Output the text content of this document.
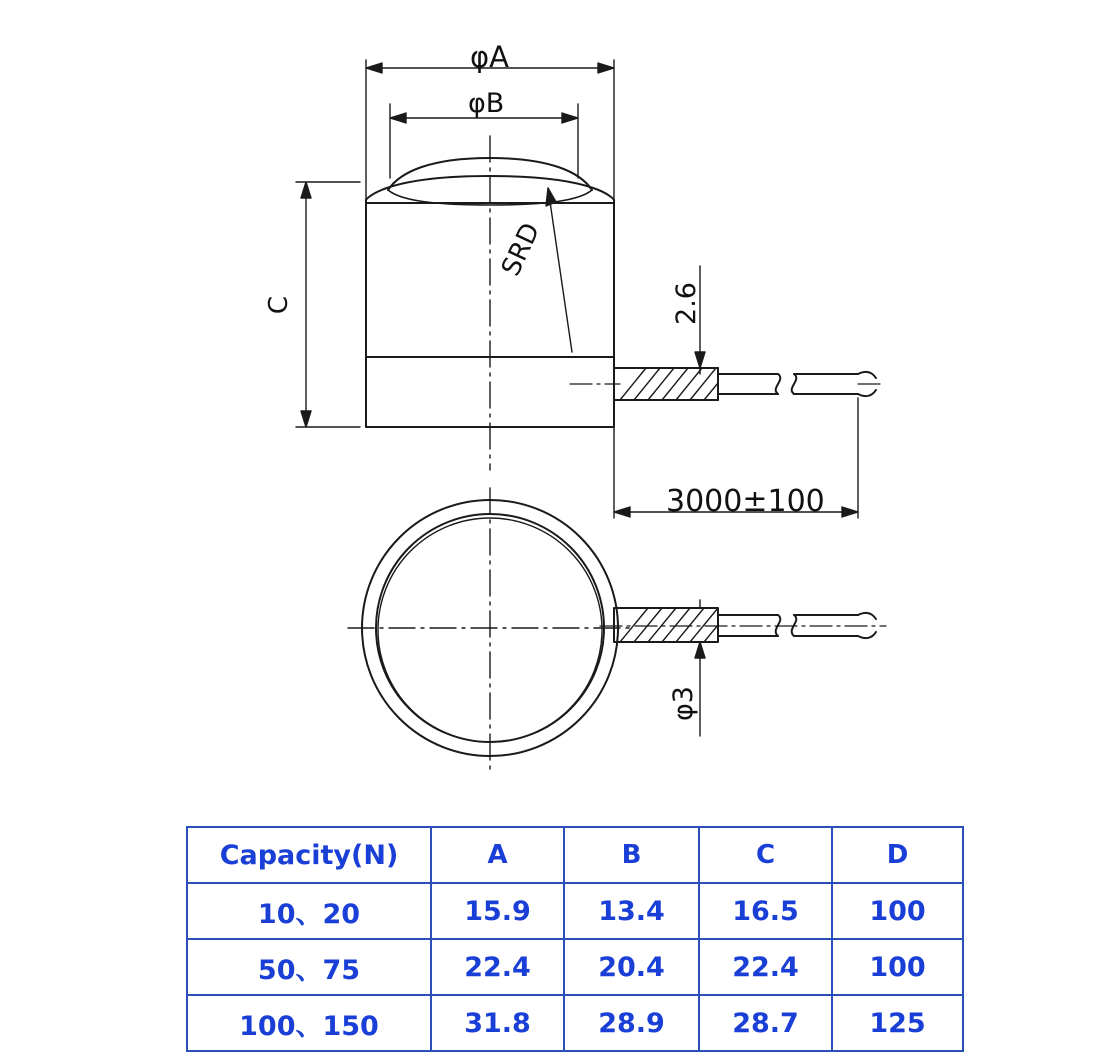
φA
φB
C
SRD
2.6
3000±100
φ3
Capacity(N)	A	B	C	D
10、20	15.9	13.4	16.5	100
50、75	22.4	20.4	22.4	100
100、150	31.8	28.9	28.7	125
